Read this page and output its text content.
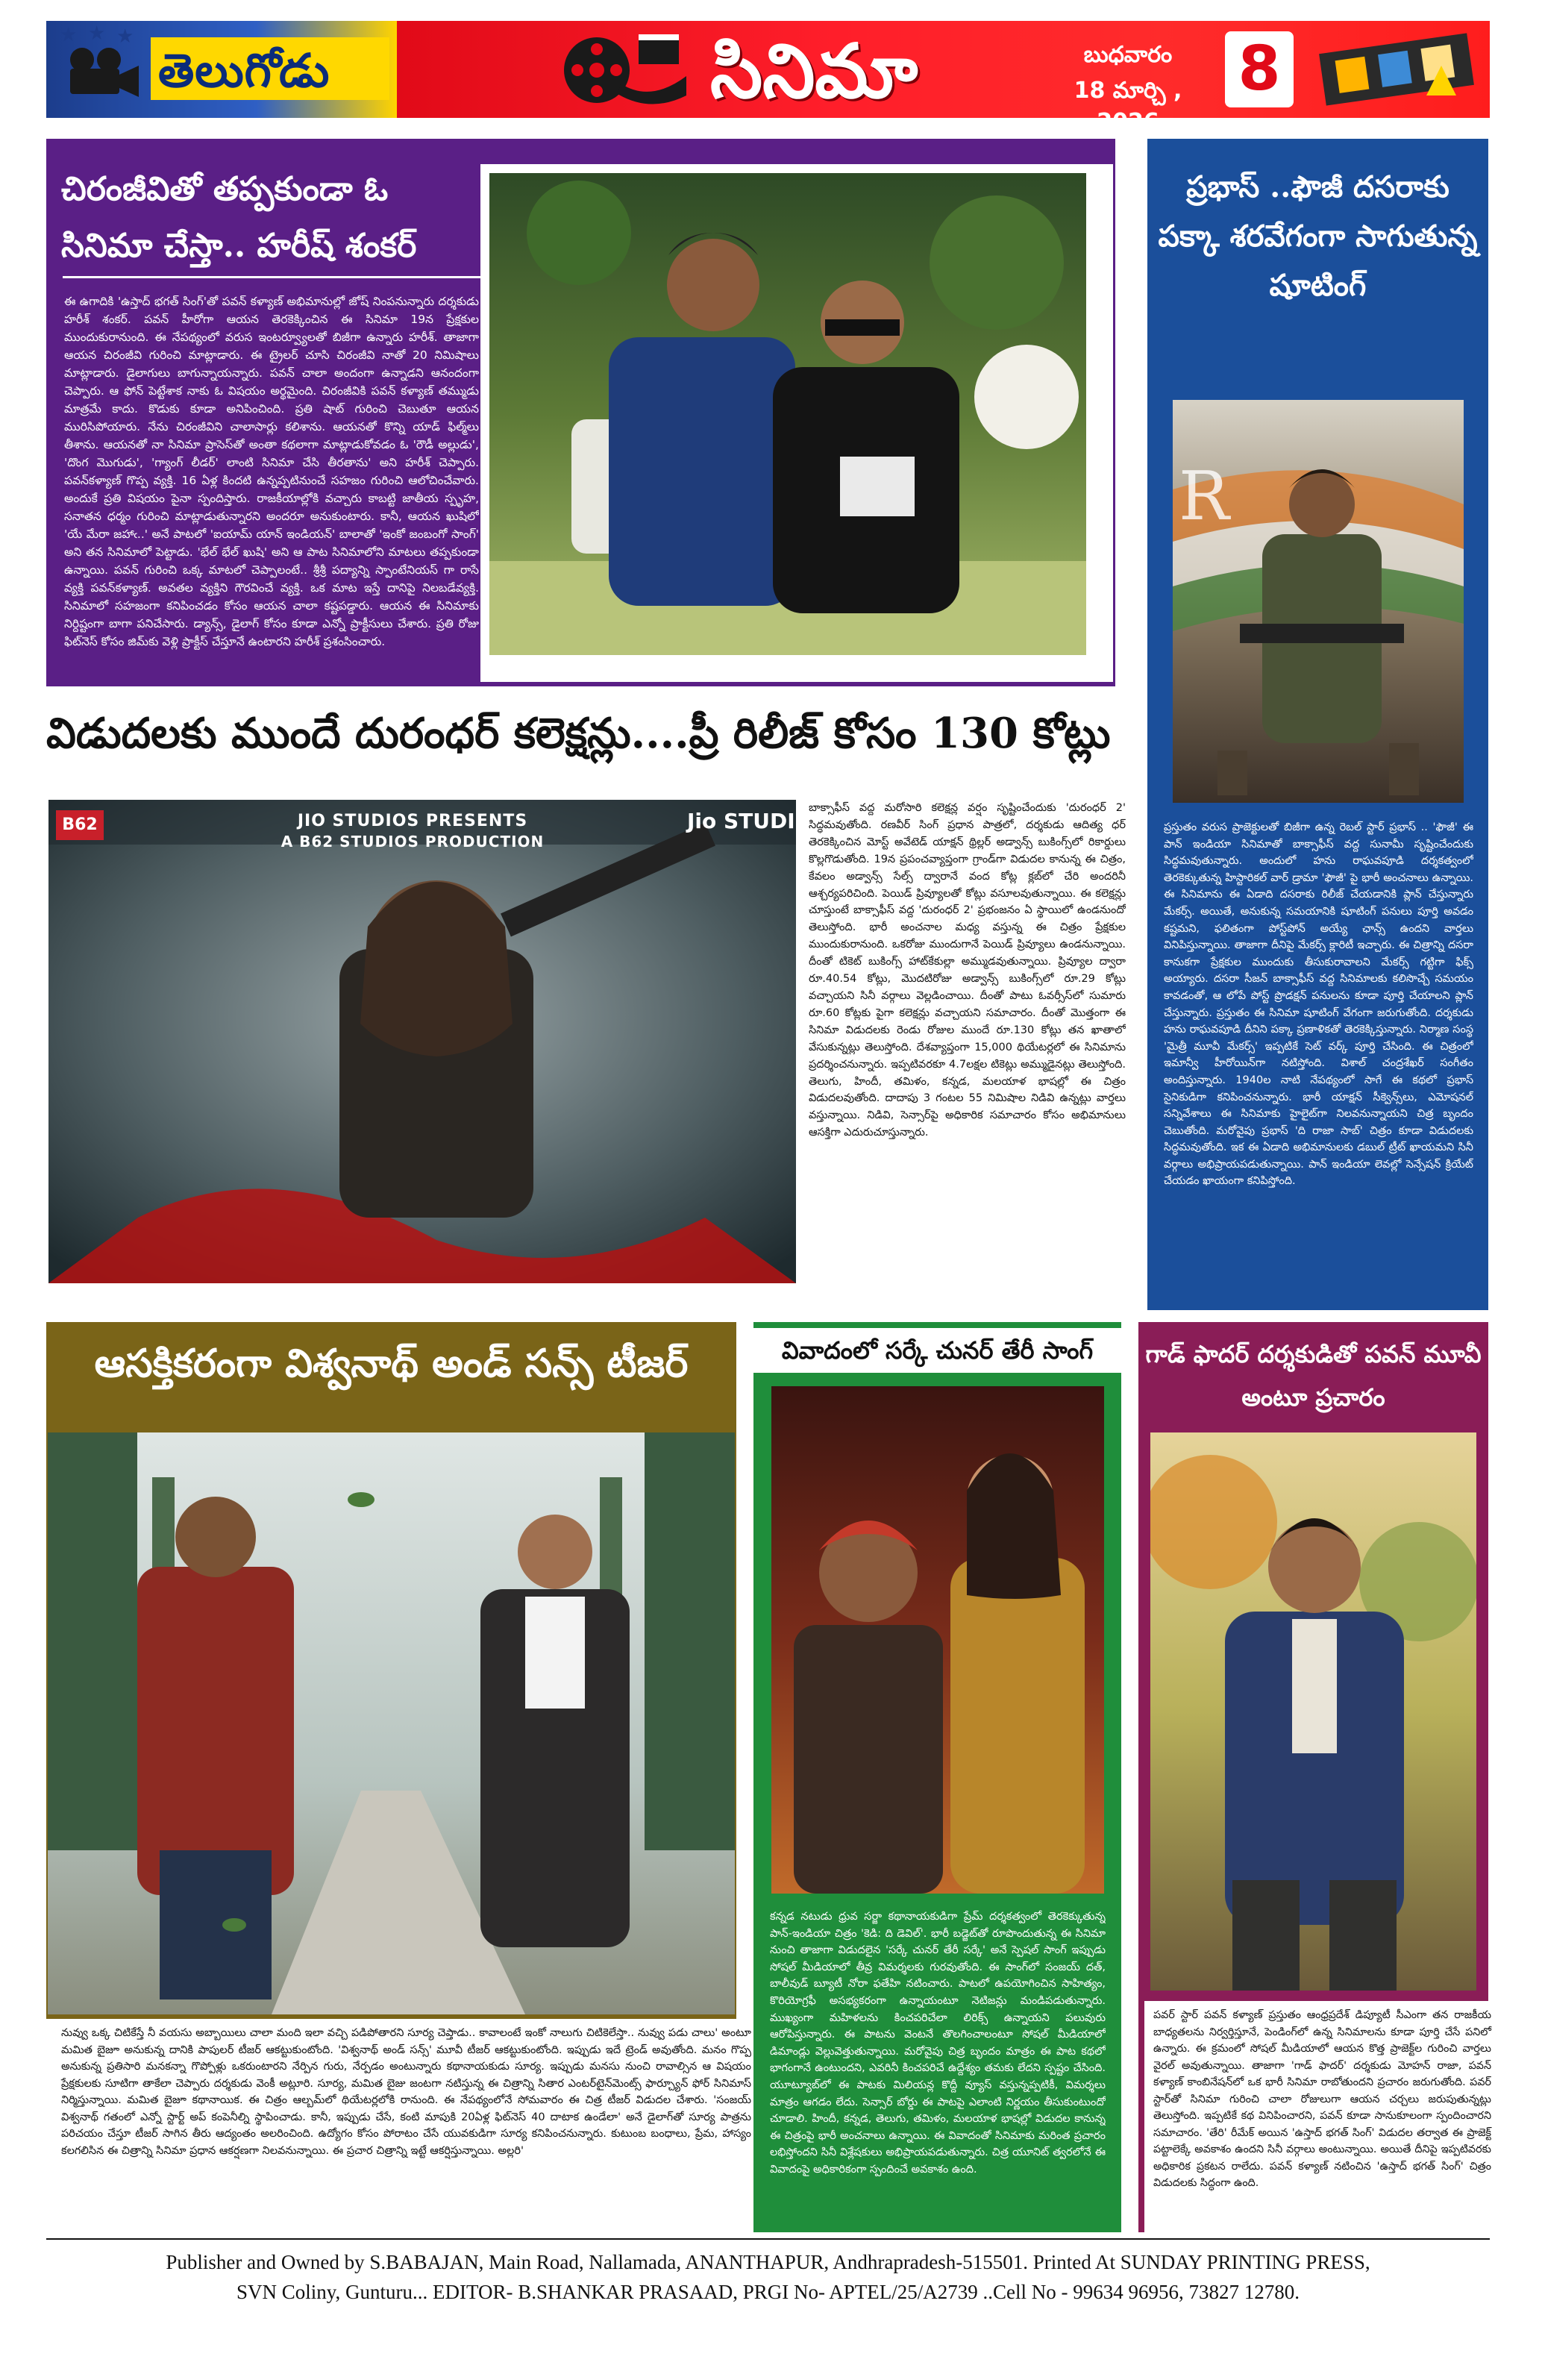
★ ★ ★
తెలుగోడు	సినిమా	బుధవారం
18 మార్చి , 2026
8
చిరంజీవితో తప్పకుండా ఓ సినిమా చేస్తా.. హరీష్ శంకర్
ఈ ఉగాదికి 'ఉస్తాద్ భగత్ సింగ్'తో పవన్ కళ్యాణ్ అభిమానుల్లో జోష్ నింపనున్నారు దర్శకుడు హరీశ్ శంకర్. పవన్ హీరోగా ఆయన తెరకెక్కించిన ఈ సినిమా 19న ప్రేక్షకుల ముందుకురానుంది. ఈ నేపథ్యంలో వరుస ఇంటర్వ్యూలతో బిజీగా ఉన్నారు హరీశ్. తాజాగా ఆయన చిరంజీవి గురించి మాట్లాడారు. ఈ ట్రైలర్ చూసి చిరంజీవి నాతో 20 నిమిషాలు మాట్లాడారు. డైలాగులు బాగున్నాయన్నారు. పవన్ చాలా అందంగా ఉన్నాడని ఆనందంగా చెప్పారు. ఆ ఫోన్ పెట్టేశాక నాకు ఓ విషయం అర్థమైంది. చిరంజీవికి పవన్ కళ్యాణ్ తమ్ముడు మాత్రమే కాదు. కొడుకు కూడా అనిపించింది. ప్రతి షాట్ గురించి చెబుతూ ఆయన మురిసిపోయారు. నేను చిరంజీవిని చాలాసార్లు కలిశాను. ఆయనతో కొన్ని యాడ్ ఫిల్మ్‌లు తీశాను. ఆయనతో నా సినిమా ప్రాసెస్‌తో అంతా కథలాగా మాట్లాడుకోవడం ఓ 'రౌడీ అల్లుడు', 'దొంగ మొగుడు', 'గ్యాంగ్ లీడర్' లాంటి సినిమా చేసి తీరతాను' అని హరీశ్ చెప్పారు. పవన్‌కళ్యాణ్ గొప్ప వ్యక్తి. 16 ఏళ్ల కిందటి ఉన్నప్పటినుంచే సహజం గురించి ఆలోచించేవారు. అందుకే ప్రతి విషయం పైనా స్పందిస్తారు. రాజకీయాల్లోకి వచ్చారు కాబట్టి జాతీయ స్పృహ, సనాతన ధర్మం గురించి మాట్లాడుతున్నారని అందరూ అనుకుంటారు. కానీ, ఆయన ఖుషిలో 'యే మేరా జహాఁ..' అనే పాటలో 'ఐయామ్ యాన్ ఇండియన్' బాలాతో 'ఇంకో జంబంగో సాంగ్' అని తన సినిమాలో పెట్టాడు. 'భేల్ భేల్ ఖుషి' అని ఆ పాట సినిమాలోని మాటలు తప్పకుండా ఉన్నాయి. పవన్ గురించి ఒక్క మాటలో చెప్పాలంటే.. శ్రీశ్రీ పద్యాన్ని స్పాంటేనియస్ గా రాసే వ్యక్తి పవన్‌కళ్యాణ్. అవతల వ్యక్తిని గౌరవించే వ్యక్తి. ఒక మాట ఇస్తే దానిపై నిలబడేవ్యక్తి. సినిమాలో సహజంగా కనిపించడం కోసం ఆయన చాలా కష్టపడ్డారు. ఆయన ఈ సినిమాకు నిర్దిష్టంగా బాగా పనిచేసారు. డ్యాన్స్, డైలాగ్ కోసం కూడా ఎన్నో ప్రాక్టీసులు చేశారు. ప్రతి రోజు ఫిట్‌నెస్ కోసం జిమ్‌కు వెళ్లి ప్రాక్టీస్ చేస్తూనే ఉంటారని హరీశ్ ప్రశంసించారు.
ప్రభాస్ ..ఫౌజీ దసరాకు పక్కా శరవేగంగా సాగుతున్న షూటింగ్
R
ప్రస్తుతం వరుస ప్రాజెక్టులతో బిజీగా ఉన్న రెబల్ స్టార్ ప్రభాస్ .. 'ఫౌజీ' ఈ పాన్ ఇండియా సినిమాతో బాక్సాఫీస్ వద్ద సునామీ సృష్టించేందుకు సిద్ధమవుతున్నారు. అందులో హను రాఘవపూడి దర్శకత్వంలో తెరకెక్కుతున్న హిస్టారికల్ వార్ డ్రామా 'ఫౌజీ' పై భారీ అంచనాలు ఉన్నాయి. ఈ సినిమాను ఈ ఏడాది దసరాకు రిలీజ్ చేయడానికి ప్లాన్ చేస్తున్నారు మేకర్స్. అయితే, అనుకున్న సమయానికి షూటింగ్ పనులు పూర్తి అవడం కష్టమని, ఫలితంగా పోస్ట్‌పోన్ అయ్యే ఛాన్స్ ఉందని వార్తలు వినిపిస్తున్నాయి. తాజాగా దీనిపై మేకర్స్ క్లారిటీ ఇచ్చారు. ఈ చిత్రాన్ని దసరా కానుకగా ప్రేక్షకుల ముందుకు తీసుకురావాలని మేకర్స్ గట్టిగా ఫిక్స్ అయ్యారు. దసరా సీజన్ బాక్సాఫీస్ వద్ద సినిమాలకు కలిసొచ్చే సమయం కావడంతో, ఆ లోపే పోస్ట్ ప్రొడక్షన్ పనులను కూడా పూర్తి చేయాలని ప్లాన్ చేస్తున్నారు. ప్రస్తుతం ఈ సినిమా షూటింగ్ వేగంగా జరుగుతోంది. దర్శకుడు హను రాఘవపూడి దీనిని పక్కా ప్రణాళికతో తెరకెక్కిస్తున్నారు. నిర్మాణ సంస్థ 'మైత్రీ మూవీ మేకర్స్' ఇప్పటికే సెట్ వర్క్ పూర్తి చేసింది. ఈ చిత్రంలో ఇమాన్వీ హీరోయిన్‌గా నటిస్తోంది. విశాల్ చంద్రశేఖర్ సంగీతం అందిస్తున్నారు. 1940ల నాటి నేపథ్యంలో సాగే ఈ కథలో ప్రభాస్ సైనికుడిగా కనిపించనున్నారు. భారీ యాక్షన్ సీక్వెన్స్‌లు, ఎమోషనల్ సన్నివేశాలు ఈ సినిమాకు హైలైట్‌గా నిలవనున్నాయని చిత్ర బృందం చెబుతోంది. మరోవైపు ప్రభాస్ 'ది రాజా సాబ్' చిత్రం కూడా విడుదలకు సిద్ధమవుతోంది. ఇక ఈ ఏడాది అభిమానులకు డబుల్ ట్రీట్ ఖాయమని సినీ వర్గాలు అభిప్రాయపడుతున్నాయి. పాన్ ఇండియా లెవల్లో సెన్సేషన్ క్రియేట్ చేయడం ఖాయంగా కనిపిస్తోంది.
విడుదలకు ముందే దురంధర్ కలెక్షన్లు....ప్రీ రిలీజ్ కోసం 130 కోట్లు
B62	JIO STUDIOS PRESENTS
A B62 STUDIOS PRODUCTION
Jio STUDIO
బాక్సాఫీస్ వద్ద మరోసారి కలెక్షన్ల వర్షం సృష్టించేందుకు 'దురంధర్ 2' సిద్ధమవుతోంది. రణవీర్ సింగ్ ప్రధాన పాత్రలో, దర్శకుడు ఆదిత్య ధర్ తెరకెక్కించిన మోస్ట్ అవేటెడ్ యాక్షన్ థ్రిల్లర్ అడ్వాన్స్ బుకింగ్స్‌లో రికార్డులు కొల్లగొడుతోంది. 19న ప్రపంచవ్యాప్తంగా గ్రాండ్‌గా విడుదల కానున్న ఈ చిత్రం, కేవలం అడ్వాన్స్ సేల్స్ ద్వారానే వంద కోట్ల క్లబ్‌లో చేరి అందరినీ ఆశ్చర్యపరిచింది. పెయిడ్ ప్రివ్యూలతో కోట్లు వసూలవుతున్నాయి. ఈ కలెక్షన్లు చూస్తుంటే బాక్సాఫీస్ వద్ద 'దురంధర్ 2' ప్రభంజనం ఏ స్థాయిలో ఉండనుందో తెలుస్తోంది. భారీ అంచనాల మధ్య వస్తున్న ఈ చిత్రం ప్రేక్షకుల ముందుకురానుంది. ఒకరోజు ముందుగానే పెయిడ్ ప్రివ్యూలు ఉండనున్నాయి. దీంతో టికెట్ బుకింగ్స్ హాట్‌కేకుల్లా అమ్ముడవుతున్నాయి. ప్రివ్యూల ద్వారా రూ.40.54 కోట్లు, మొదటిరోజు అడ్వాన్స్ బుకింగ్స్‌లో రూ.29 కోట్లు వచ్చాయని సినీ వర్గాలు వెల్లడించాయి. దీంతో పాటు ఓవర్సీస్‌లో సుమారు రూ.60 కోట్లకు పైగా కలెక్షన్లు వచ్చాయని సమాచారం. దీంతో మొత్తంగా ఈ సినిమా విడుదలకు రెండు రోజుల ముందే రూ.130 కోట్లు తన ఖాతాలో వేసుకున్నట్లు తెలుస్తోంది. దేశవ్యాప్తంగా 15,000 థియేటర్లలో ఈ సినిమాను ప్రదర్శించనున్నారు. ఇప్పటివరకూ 4.7లక్షల టికెట్లు అమ్ముడైనట్లు తెలుస్తోంది. తెలుగు, హిందీ, తమిళం, కన్నడ, మలయాళ భాషల్లో ఈ చిత్రం విడుదలవుతోంది. దాదాపు 3 గంటల 55 నిమిషాల నిడివి ఉన్నట్లు వార్తలు వస్తున్నాయి. నిడివి, సెన్సార్‌పై అధికారిక సమాచారం కోసం అభిమానులు ఆసక్తిగా ఎదురుచూస్తున్నారు.
ఆసక్తికరంగా విశ్వనాథ్ అండ్ సన్స్ టీజర్
నువ్వు ఒక్క చిటికేస్తే నీ వయసు అబ్బాయిలు చాలా మంది ఇలా వచ్చి పడిపోతారని సూర్య చెప్తాడు.. కావాలంటే ఇంకో నాలుగు చిటికెలేస్తా.. నువ్వు పడు చాలు' అంటూ మమిత బైజూ అనుకున్న దానికి పాపులర్ టీజర్ ఆకట్టుకుంటోంది. 'విశ్వనాథ్ అండ్ సన్స్' మూవీ టీజర్ ఆకట్టుకుంటోంది. ఇప్పుడు ఇదే ట్రెండ్ అవుతోంది. మనం గొప్ప అనుకున్న ప్రతిసారి మనకన్నా గొప్పోళ్లు ఒకరుంటారని నేర్పిన గురు, నేర్పడం అంటున్నారు కథానాయకుడు సూర్య. ఇప్పుడు మనసు నుంచి రావాల్సిన ఆ విషయం ప్రేక్షకులకు సూటిగా తాకేలా చెప్పారు దర్శకుడు వెంకీ అట్లూరి. సూర్య, మమిత బైజు జంటగా నటిస్తున్న ఈ చిత్రాన్ని సితార ఎంటర్‌టైన్‌మెంట్స్ ఫార్చ్యూన్ ఫోర్ సినిమాస్ నిర్మిస్తున్నాయి. మమిత బైజూ కథానాయిక. ఈ చిత్రం ఆల్బమ్‌లో థియేటర్లలోకి రానుంది. ఈ నేపథ్యంలోనే సోమవారం ఈ చిత్ర టీజర్ విడుదల చేశారు. 'సంజయ్ విశ్వనాథ్ గతంలో ఎన్నో స్టార్ట్ అప్ కంపెనీల్ని స్థాపించాడు. కానీ, ఇప్పుడు చేసే, కంటి మాపుకి 20ఏళ్ల ఫిట్‌నెస్ 40 దాటాక ఉండేలా' అనే డైలాగ్‌తో సూర్య పాత్రను పరిచయం చేస్తూ టీజర్ సాగిన తీరు ఆద్యంతం అలరించింది. ఉద్యోగం కోసం పోరాటం చేసే యువకుడిగా సూర్య కనిపించనున్నారు. కుటుంబ బంధాలు, ప్రేమ, హాస్యం కలగలిసిన ఈ చిత్రాన్ని సినిమా ప్రధాన ఆకర్షణగా నిలవనున్నాయి. ఈ ప్రచార చిత్రాన్ని ఇట్టే ఆకర్షిస్తున్నాయి. అల్లరి'
వివాదంలో సర్కే చునర్ తేరీ సాంగ్
కన్నడ నటుడు ధ్రువ సర్జా కథానాయకుడిగా ప్రేమ్ దర్శకత్వంలో తెరకెక్కుతున్న పాన్-ఇండియా చిత్రం 'కెడి: ది డెవిల్'. భారీ బడ్జెట్‌తో రూపొందుతున్న ఈ సినిమా నుంచి తాజాగా విడుదలైన 'సర్కే చునర్ తేరీ సర్కే' అనే స్పెషల్ సాంగ్ ఇప్పుడు సోషల్ మీడియాలో తీవ్ర విమర్శలకు గురవుతోంది. ఈ సాంగ్‌లో సంజయ్ దత్, బాలీవుడ్ బ్యూటీ నోరా ఫతేహి నటించారు. పాటలో ఉపయోగించిన సాహిత్యం, కొరియోగ్రఫీ అసభ్యకరంగా ఉన్నాయంటూ నెటిజన్లు మండిపడుతున్నారు. ముఖ్యంగా మహిళలను కించపరిచేలా లిరిక్స్ ఉన్నాయని పలువురు ఆరోపిస్తున్నారు. ఈ పాటను వెంటనే తొలగించాలంటూ సోషల్ మీడియాలో డిమాండ్లు వెల్లువెత్తుతున్నాయి. మరోవైపు చిత్ర బృందం మాత్రం ఈ పాట కథలో భాగంగానే ఉంటుందని, ఎవరినీ కించపరిచే ఉద్దేశ్యం తమకు లేదని స్పష్టం చేసింది. యూట్యూబ్‌లో ఈ పాటకు మిలియన్ల కొద్దీ వ్యూస్ వస్తున్నప్పటికీ, విమర్శలు మాత్రం ఆగడం లేదు. సెన్సార్ బోర్డు ఈ పాటపై ఎలాంటి నిర్ణయం తీసుకుంటుందో చూడాలి. హిందీ, కన్నడ, తెలుగు, తమిళం, మలయాళ భాషల్లో విడుదల కానున్న ఈ చిత్రంపై భారీ అంచనాలు ఉన్నాయి. ఈ వివాదంతో సినిమాకు మరింత ప్రచారం లభిస్తోందని సినీ విశ్లేషకులు అభిప్రాయపడుతున్నారు. చిత్ర యూనిట్ త్వరలోనే ఈ వివాదంపై అధికారికంగా స్పందించే అవకాశం ఉంది.
గాడ్ ఫాదర్ దర్శకుడితో పవన్ మూవీ అంటూ ప్రచారం
పవర్ స్టార్ పవన్ కళ్యాణ్ ప్రస్తుతం ఆంధ్రప్రదేశ్ డిప్యూటీ సీఎంగా తన రాజకీయ బాధ్యతలను నిర్వర్తిస్తూనే, పెండింగ్‌లో ఉన్న సినిమాలను కూడా పూర్తి చేసే పనిలో ఉన్నారు. ఈ క్రమంలో సోషల్ మీడియాలో ఆయన కొత్త ప్రాజెక్ట్‌ల గురించి వార్తలు వైరల్ అవుతున్నాయి. తాజాగా 'గాడ్ ఫాదర్' దర్శకుడు మోహన్ రాజా, పవన్ కళ్యాణ్ కాంబినేషన్‌లో ఒక భారీ సినిమా రాబోతుందని ప్రచారం జరుగుతోంది. పవర్ స్టార్‌తో సినిమా గురించి చాలా రోజులుగా ఆయన చర్చలు జరుపుతున్నట్లు తెలుస్తోంది. ఇప్పటికే కథ వినిపించారని, పవన్ కూడా సానుకూలంగా స్పందించారని సమాచారం. 'తేరి' రీమేక్ అయిన 'ఉస్తాద్ భగత్ సింగ్' విడుదల తర్వాత ఈ ప్రాజెక్ట్ పట్టాలెక్కే అవకాశం ఉందని సినీ వర్గాలు అంటున్నాయి. అయితే దీనిపై ఇప్పటివరకు అధికారిక ప్రకటన రాలేదు. పవన్ కళ్యాణ్ నటించిన 'ఉస్తాద్ భగత్ సింగ్' చిత్రం విడుదలకు సిద్ధంగా ఉంది.
Publisher and Owned by S.BABAJAN, Main Road, Nallamada, ANANTHAPUR, Andhrapradesh-515501. Printed At SUNDAY PRINTING PRESS,
SVN Coliny, Gunturu... EDITOR- B.SHANKAR PRASAAD, PRGI No- APTEL/25/A2739 ..Cell No - 99634 96956, 73827 12780.
